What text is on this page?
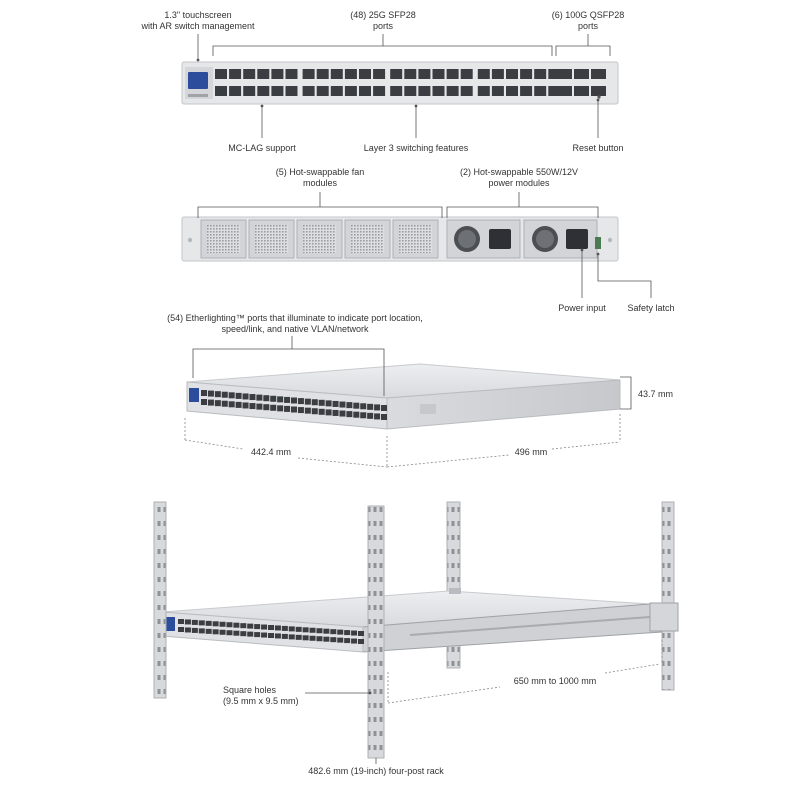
1.3" touchscreen
with AR switch management
(48) 25G SFP28
ports
(6) 100G QSFP28
ports
MC-LAG support	Layer 3 switching features	Reset button
(5) Hot-swappable fan
modules
(2) Hot-swappable 550W/12V
power modules
Power input	Safety latch
(54) Etherlighting™ ports that illuminate to indicate port location,
speed/link, and native VLAN/network
442.4 mm	496 mm
43.7 mm
Square holes
(9.5 mm x 9.5 mm)
650 mm to 1000 mm
482.6 mm (19-inch) four-post rack
